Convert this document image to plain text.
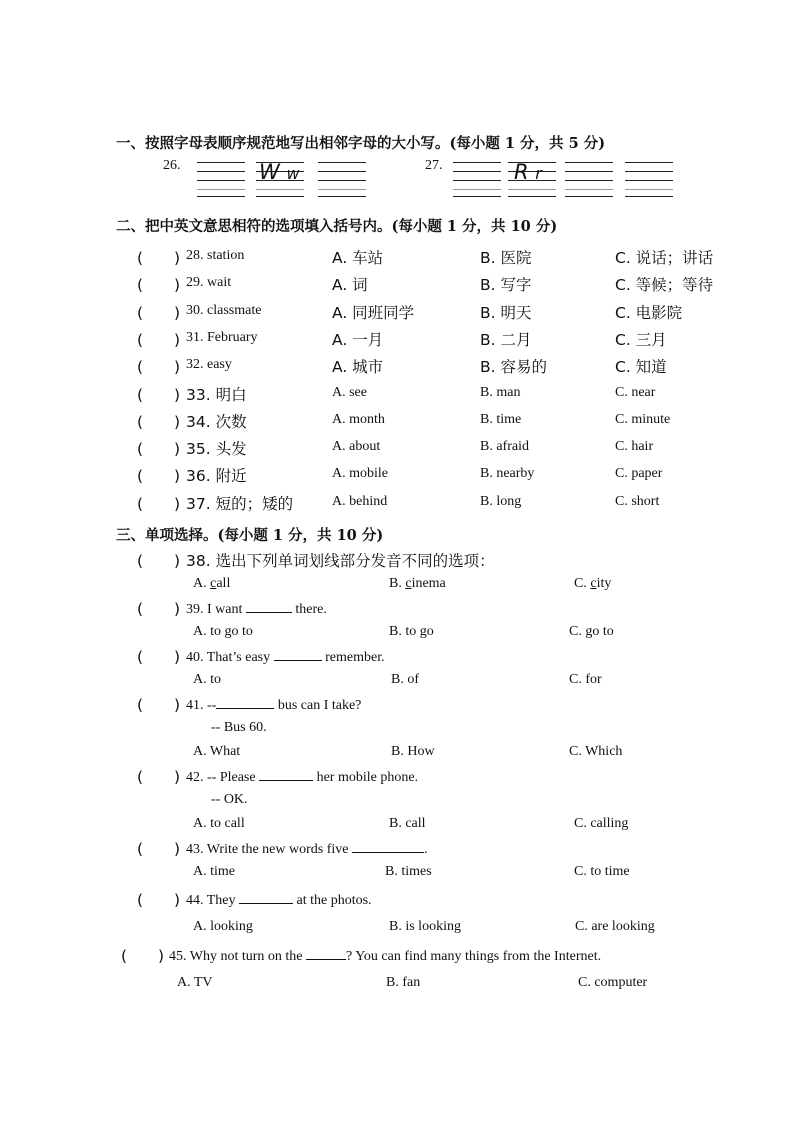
一、按照字母表顺序规范地写出相邻字母的大小写。(每小题 1 分，共 5 分)
26.	W w	27.	R r
二、把中英文意思相符的选项填入括号内。(每小题 1 分，共 10 分)
(　　) 28. station	A. 车站	B. 医院	C. 说话；讲话
(　　) 29. wait	A. 词	B. 写字	C. 等候；等待
(　　) 30. classmate	A. 同班同学	B. 明天	C. 电影院
(　　) 31. February	A. 一月	B. 二月	C. 三月
(　　) 32. easy	A. 城市	B. 容易的	C. 知道
(　　) 33. 明白	A. see	B. man	C. near
(　　) 34. 次数	A. month	B. time	C. minute
(　　) 35. 头发	A. about	B. afraid	C. hair
(　　) 36. 附近	A. mobile	B. nearby	C. paper
(　　) 37. 短的；矮的	A. behind	B. long	C. short
三、单项选择。(每小题 1 分，共 10 分)
(　　) 38. 选出下列单词划线部分发音不同的选项：
A. call	B. cinema	C. city
(　　) 39. I want	there.
A. to go to	B. to go	C. go to
(　　) 40. That’s easy	remember.
A. to	B. of	C. for
(　　) 41. --	bus can I take?
-- Bus 60.
A. What	B. How	C. Which
(　　) 42. -- Please	her mobile phone.
-- OK.
A. to call	B. call	C. calling
(　　) 43. Write the new words five	.
A. time	B. times	C. to time
(　　) 44. They	at the photos.
A. looking	B. is looking	C. are looking
(　　) 45. Why not turn on the	? You can find many things from the Internet.
A. TV	B. fan	C. computer
